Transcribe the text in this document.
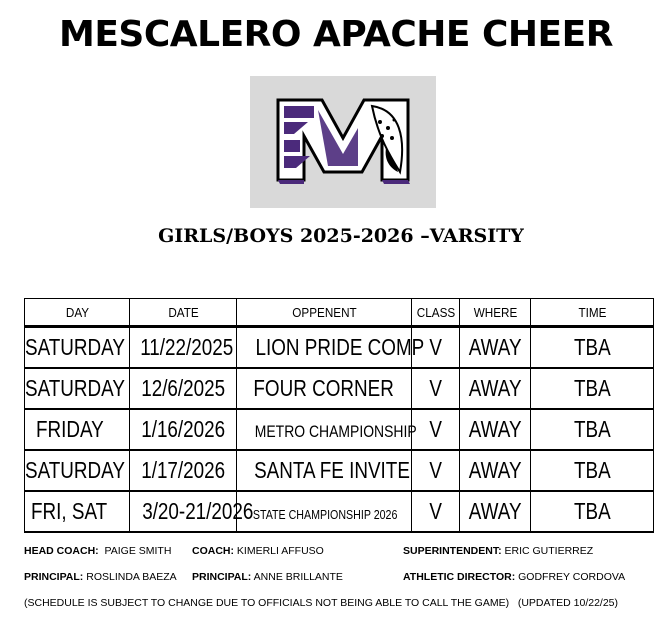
MESCALERO APACHE CHEER
GIRLS/BOYS 2025-2026 –VARSITY
DAY	DATE	OPPENENT	CLASS	WHERE	TIME
SATURDAY	11/22/2025	LION PRIDE COMP	V	AWAY	TBA
SATURDAY	12/6/2025	FOUR CORNER	V	AWAY	TBA
FRIDAY	1/16/2026	METRO CHAMPIONSHIP	V	AWAY	TBA
SATURDAY	1/17/2026	SANTA FE INVITE	V	AWAY	TBA
FRI, SAT	3/20-21/2026	STATE CHAMPIONSHIP 2026	V	AWAY	TBA
HEAD COACH: PAIGE SMITH COACH: KIMERLI AFFUSO	SUPERINTENDENT: ERIC GUTIERREZ
PRINCIPAL: ROSLINDA BAEZA PRINCIPAL: ANNE BRILLANTE	ATHLETIC DIRECTOR: GODFREY CORDOVA
(SCHEDULE IS SUBJECT TO CHANGE DUE TO OFFICIALS NOT BEING ABLE TO CALL THE GAME) (UPDATED 10/22/25)
